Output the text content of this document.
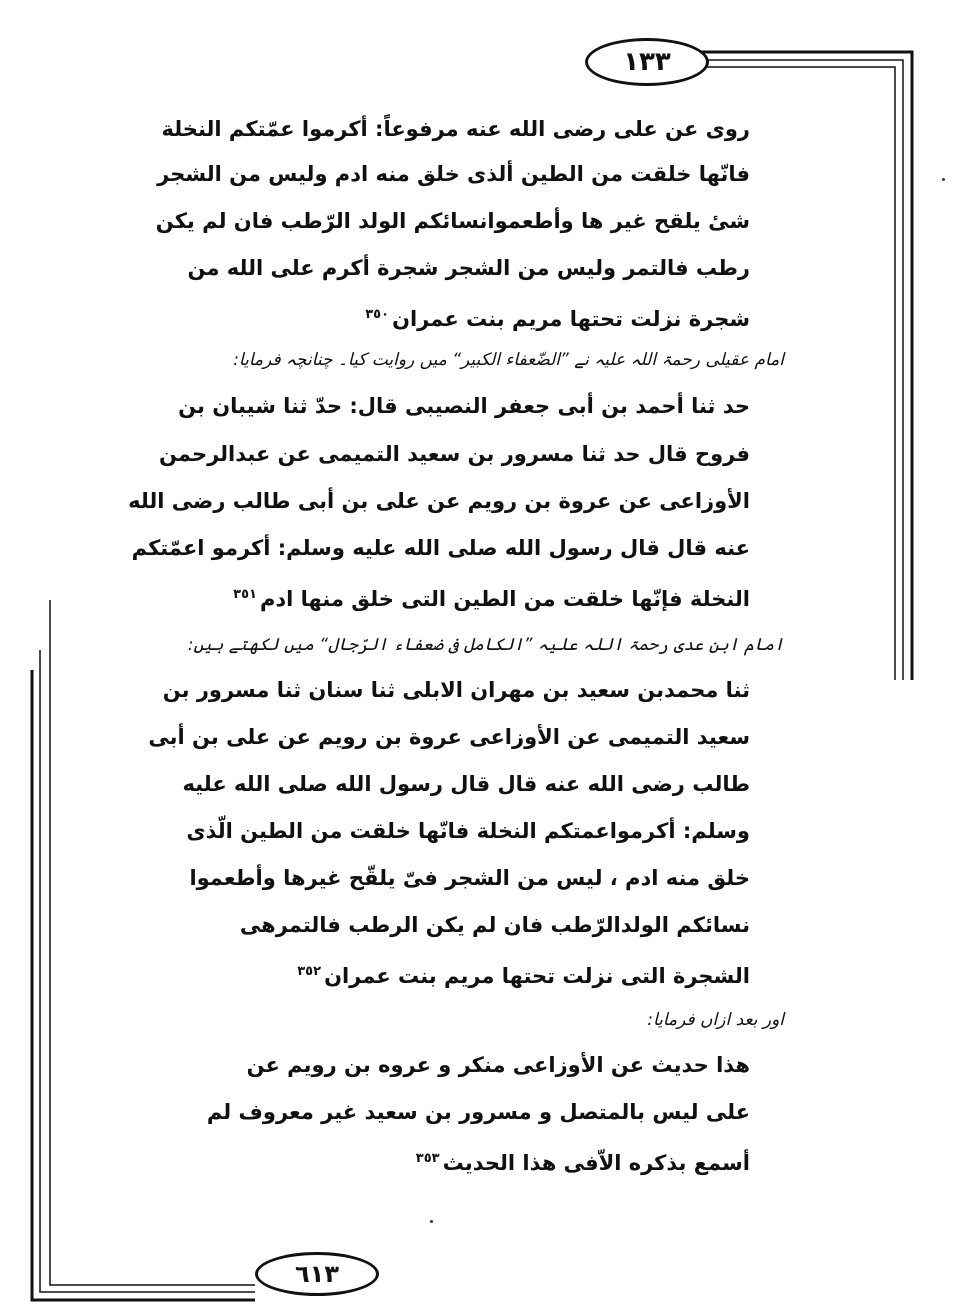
١٣٣
٦١٣
روی عن علی رضی الله عنه مرفوعاً: أکرموا عمّتکم النخلة
فانّها خلقت من الطین ألذی خلق منه ادم ولیس من الشجر
شیٔ یلقح غیر ها وأطعموانسائکم الولد الرّطب فان لم یکن
رطب فالتمر ولیس من الشجر شجرة أکرم علی الله من
شجرة نزلت تحتها مریم بنت عمران$^{٣٥٠}$
امام عقیلی رحمۃ اللہ علیہ نے ”الضّعفاء الکبیر“ میں روایت کیا۔ چنانچہ فرمایا:
حد ثنا أحمد بن أبی جعفر النصیبی قال: حدّ ثنا شیبان بن
فروح قال حد ثنا مسرور بن سعید التمیمی عن عبدالرحمن
الأوزاعی عن عروة بن رویم عن علی بن أبی طالب رضی الله
عنه قال قال رسول الله صلی الله علیه وسلم: أکرمو اعمّتکم
النخلة فإنّها خلقت من الطین التی خلق منها ادم$^{٣٥١}$
امام ابن عدی رحمۃ اللہ علیہ ”الکامل فی ضعفاء الرّجال“ میں لکھتے ہیں:
ثنا محمدبن سعید بن مهران الابلی ثنا سنان ثنا مسرور بن
سعید التمیمی عن الأوزاعی عروة بن رویم عن علی بن أبی
طالب رضی الله عنه قال قال رسول الله صلی الله علیه
وسلم: أکرمواعمتکم النخلة فانّها خلقت من الطین الّذی
خلق منه ادم ، لیس من الشجر فیّ یلقّح غیرها وأطعموا
نسائکم الولدالرّطب فان لم یکن الرطب فالتمرهی
الشجرة التی نزلت تحتها مریم بنت عمران$^{٣٥٢}$
اور بعد ازاں فرمایا:
هذا حدیث عن الأوزاعی منکر و عروه بن رویم عن
علی لیس بالمتصل و مسرور بن سعید غیر معروف لم
أسمع بذکره الاّفی هذا الحدیث$^{٣٥٣}$
